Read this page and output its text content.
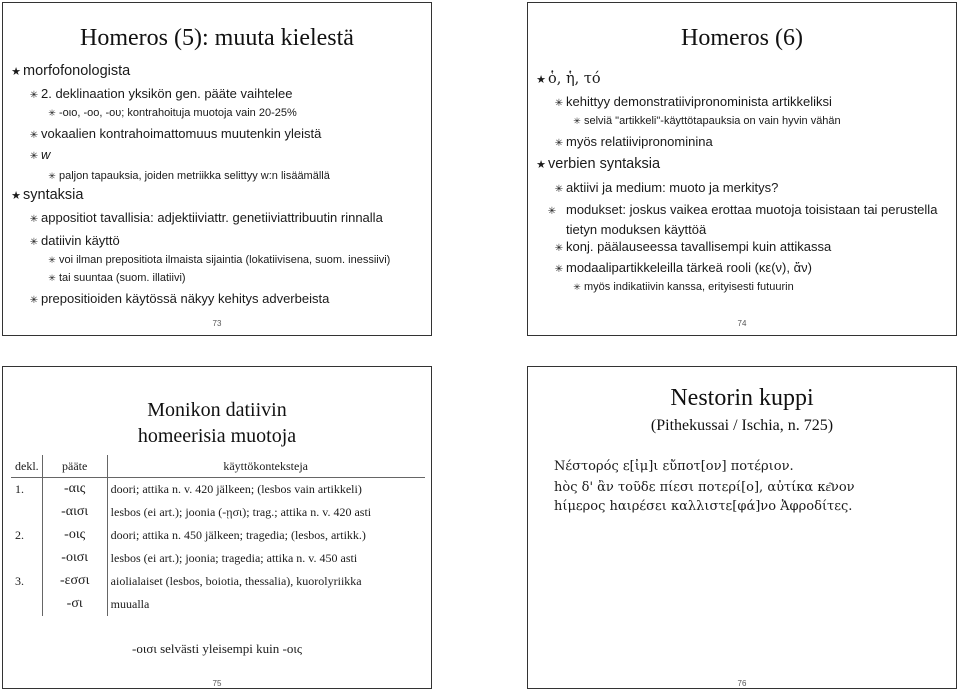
Homeros (5): muuta kielestä
★ morfofonologista
✳ 2. deklinaation yksikön gen. pääte vaihtelee
✳ -οιο, -οο, -ου; kontrahoituja muotoja vain 20-25%
✳ vokaalien kontrahoimattomuus muutenkin yleistä
✳ w
✳ paljon tapauksia, joiden metriikka selittyy w:n lisäämällä
★ syntaksia
✳ appositiot tavallisia: adjektiiviattr. genetiiviattribuutin rinnalla
✳ datiivin käyttö
✳ voi ilman prepositiota ilmaista sijaintia (lokatiivisena, suom. inessiivi)
✳ tai suuntaa (suom. illatiivi)
✳ prepositioiden käytössä näkyy kehitys adverbeista
73
Homeros (6)
★ ὁ, ἡ, τό
✳ kehittyy demonstratiivipronominista artikkeliksi
✳ selviä "artikkeli"-käyttötapauksia on vain hyvin vähän
✳ myös relatiivipronominina
★ verbien syntaksia
✳ aktiivi ja medium: muoto ja merkitys?
✳ modukset: joskus vaikea erottaa muotoja toisistaan tai perustella tietyn moduksen käyttöä
✳ konj. päälauseessa tavallisempi kuin attikassa
✳ modaalipartikkeleilla tärkeä rooli (κε(ν), ἄν)
✳ myös indikatiivin kanssa, erityisesti futuurin
74
Monikon datiivin
homeerisia muotoja
dekl.	pääte	käyttökonteksteja
1.	-αις	doori; attika n. v. 420 jälkeen; (lesbos vain artikkeli)
	-αισι	lesbos (ei art.); joonia (-ῃσι); trag.; attika n. v. 420 asti
2.	-οις	doori; attika n. 450 jälkeen; tragedia; (lesbos, artikk.)
	-οισι	lesbos (ei art.); joonia; tragedia; attika n. v. 450 asti
3.	-εσσι	aiolialaiset (lesbos, boiotia, thessalia), kuorolyriikka
	-σι	muualla
-οισι selvästi yleisempi kuin -οις
75
Nestorin kuppi
(Pithekussai / Ischia, n. 725)
Νέστορός ε[ἰμ]ι εὔποτ[ον] ποτέριον.
hὸς δ' ἂν τοῦδε πίεσι ποτερί[ο], αὐτίκα κε͂νον
hίμερος hαιρέσει καλλιστε[φά]νο Ἀφροδίτες.
76
